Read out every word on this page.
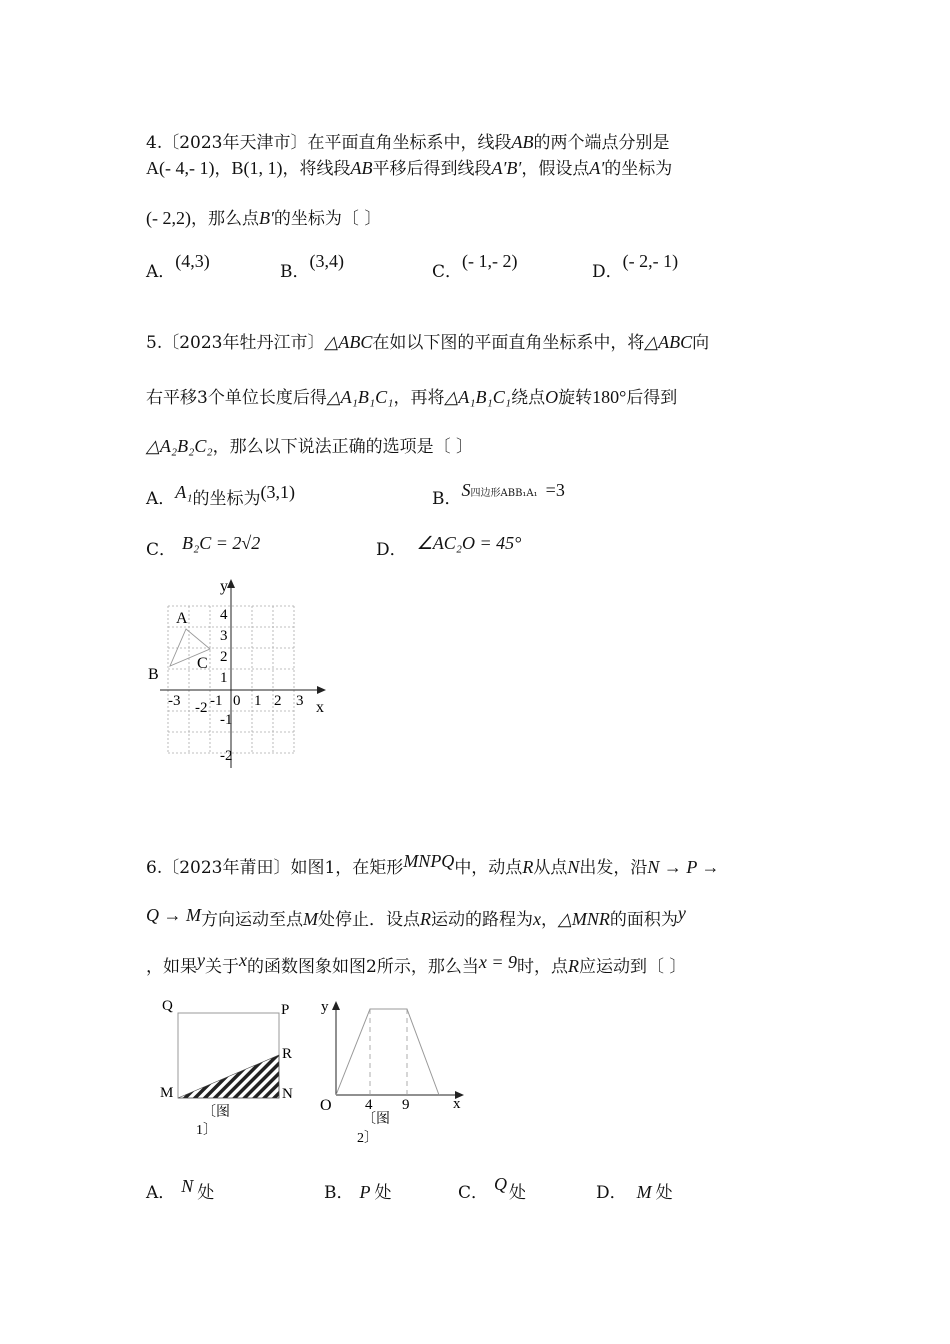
4.〔2023年天津市〕在平面直角坐标系中，线段AB的两个端点分别是
A(- 4,- 1)，B(1, 1)，将线段AB平移后得到线段A′B′，假设点A′的坐标为
(- 2,2)，那么点B′的坐标为〔 〕
A．(4,3)
B．(3,4)
C．(- 1,- 2)
D．(- 2,- 1)
5.〔2023年牡丹江市〕△ABC在如以下图的平面直角坐标系中，将△ABC向
右平移3个单位长度后得△A₁B₁C₁，再将△A₁B₁C₁绕点O旋转180°后得到
△A₂B₂C₂，那么以下说法正确的选项是〔 〕
A．A₁的坐标为(3,1)	B．S四边形ABB₁A₁ =3
C． B₂C = 2√2	D． ∠AC₂O = 45°
y
x
A
B
C
-3 -2 -1 0 1 2 3
4
3
2
1
-1
-2
6.〔2023年莆田〕如图1，在矩形MNPQ中，动点R从点N出发，沿N → P →
Q → M方向运动至点M处停止．设点R运动的路程为x，△MNR的面积为y
，如果y关于x的函数图象如图2所示，那么当x = 9时，点R应运动到〔 〕
Q	P
R
M	N
〔图
1〕
y
O	x
4 9
〔图
2〕
A． N 处	B． P 处	C． Q 处	D． M 处
